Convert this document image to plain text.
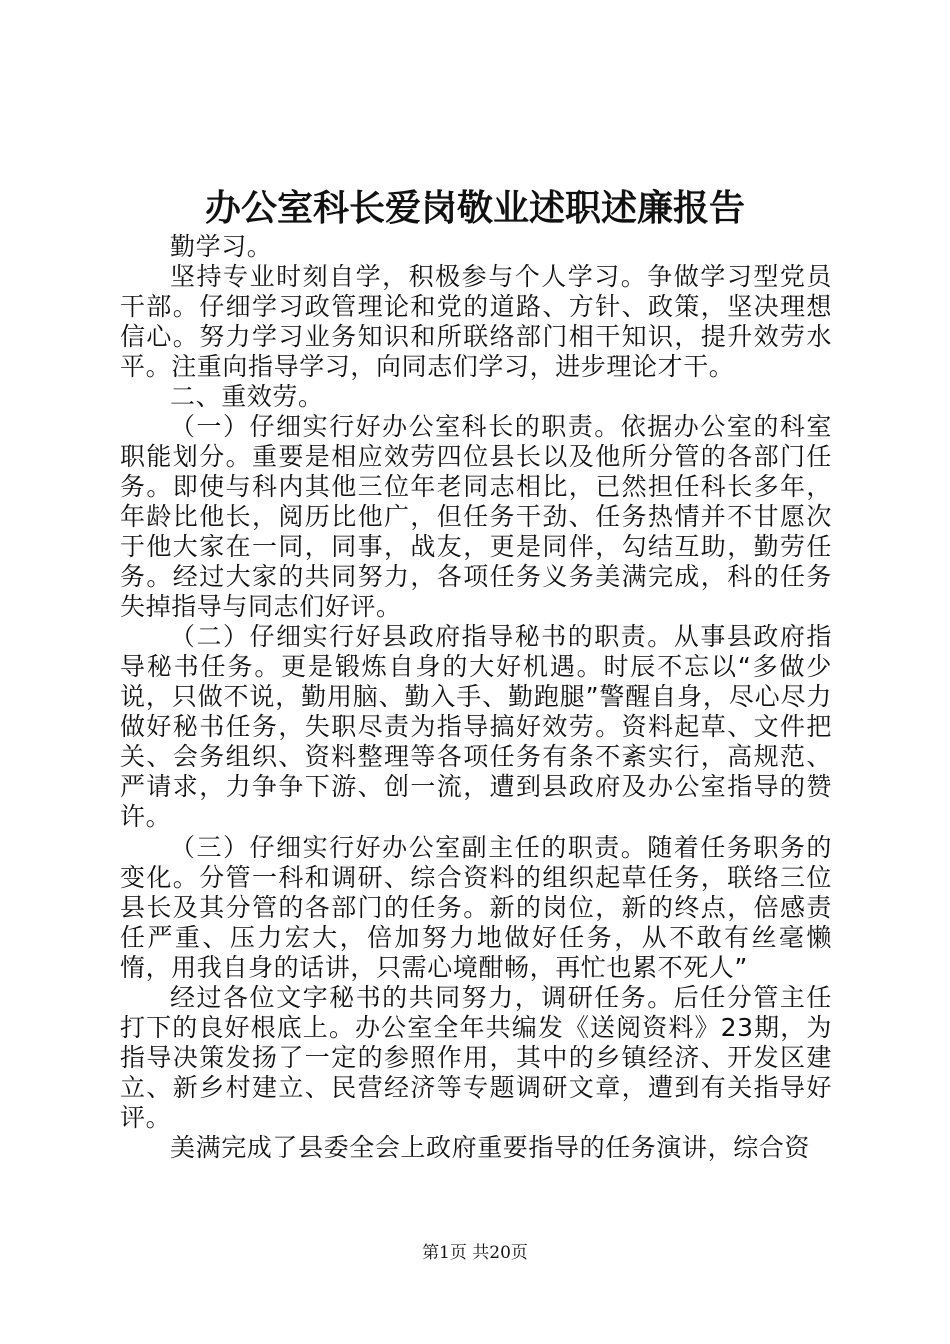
办公室科长爱岗敬业述职述廉报告

勤学习。

坚持专业时刻自学，积极参与个人学习。争做学习型党员干部。仔细学习政管理论和党的道路、方针、政策，坚决理想信心。努力学习业务知识和所联络部门相干知识，提升效劳水平。注重向指导学习，向同志们学习，进步理论才干。

二、重效劳。

（一）仔细实行好办公室科长的职责。依据办公室的科室职能划分。重要是相应效劳四位县长以及他所分管的各部门任务。即使与科内其他三位年老同志相比，已然担任科长多年，年龄比他长，阅历比他广，但任务干劲、任务热情并不甘愿次于他大家在一同，同事，战友，更是同伴，勾结互助，勤劳任务。经过大家的共同努力，各项任务义务美满完成，科的任务失掉指导与同志们好评。

（二）仔细实行好县政府指导秘书的职责。从事县政府指导秘书任务。更是锻炼自身的大好机遇。时辰不忘以“多做少说，只做不说，勤用脑、勤入手、勤跑腿”警醒自身，尽心尽力做好秘书任务，失职尽责为指导搞好效劳。资料起草、文件把关、会务组织、资料整理等各项任务有条不紊实行，高规范、严请求，力争争下游、创一流，遭到县政府及办公室指导的赞许。

（三）仔细实行好办公室副主任的职责。随着任务职务的变化。分管一科和调研、综合资料的组织起草任务，联络三位县长及其分管的各部门的任务。新的岗位，新的终点，倍感责任严重、压力宏大，倍加努力地做好任务，从不敢有丝毫懒惰，用我自身的话讲，只需心境酣畅，再忙也累不死人”

经过各位文字秘书的共同努力，调研任务。后任分管主任打下的良好根底上。办公室全年共编发《送阅资料》23期，为指导决策发扬了一定的参照作用，其中的乡镇经济、开发区建立、新乡村建立、民营经济等专题调研文章，遭到有关指导好评。

美满完成了县委全会上政府重要指导的任务演讲，综合资

第1页 共20页
